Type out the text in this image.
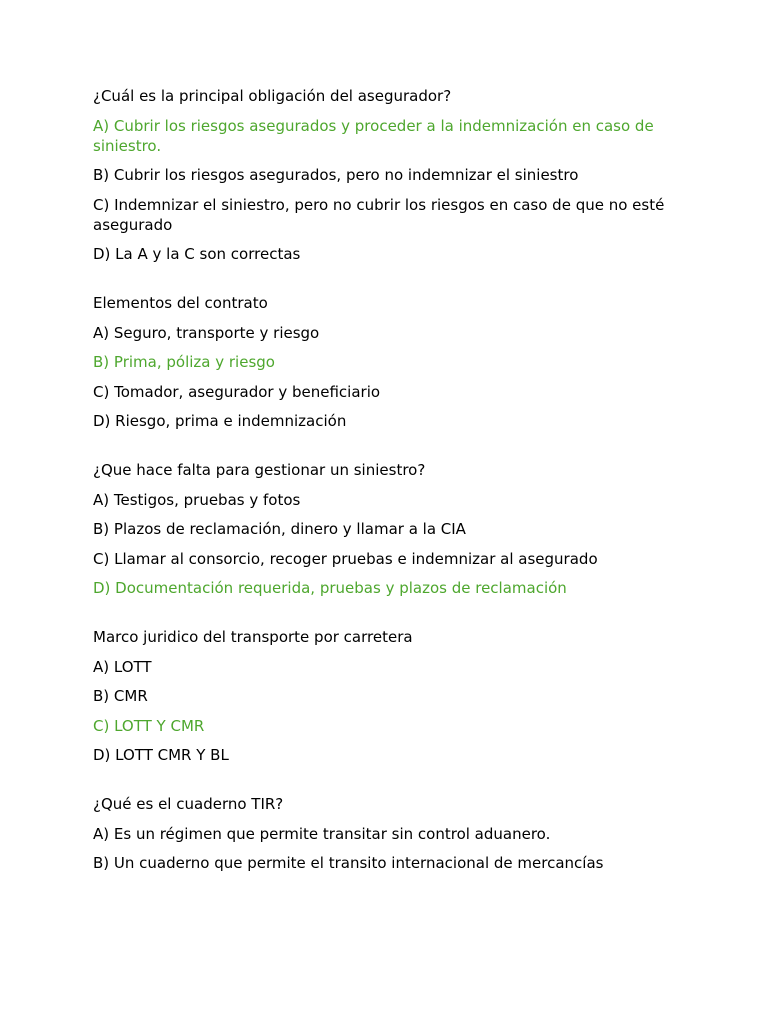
¿Cuál es la principal obligación del asegurador?

A) Cubrir los riesgos asegurados y proceder a la indemnización en caso de siniestro.

B) Cubrir los riesgos asegurados, pero no indemnizar el siniestro

C) Indemnizar el siniestro, pero no cubrir los riesgos en caso de que no esté asegurado

D) La A y la C son correctas

Elementos del contrato

A) Seguro, transporte y riesgo

B) Prima, póliza y riesgo

C) Tomador, asegurador y beneficiario

D) Riesgo, prima e indemnización

¿Que hace falta para gestionar un siniestro?

A) Testigos, pruebas y fotos

B) Plazos de reclamación, dinero y llamar a la CIA

C) Llamar al consorcio, recoger pruebas e indemnizar al asegurado

D) Documentación requerida, pruebas y plazos de reclamación

Marco juridico del transporte por carretera

A) LOTT

B) CMR

C) LOTT Y CMR

D) LOTT CMR Y BL

¿Qué es el cuaderno TIR?

A) Es un régimen que permite transitar sin control aduanero.

B) Un cuaderno que permite el transito internacional de mercancías
